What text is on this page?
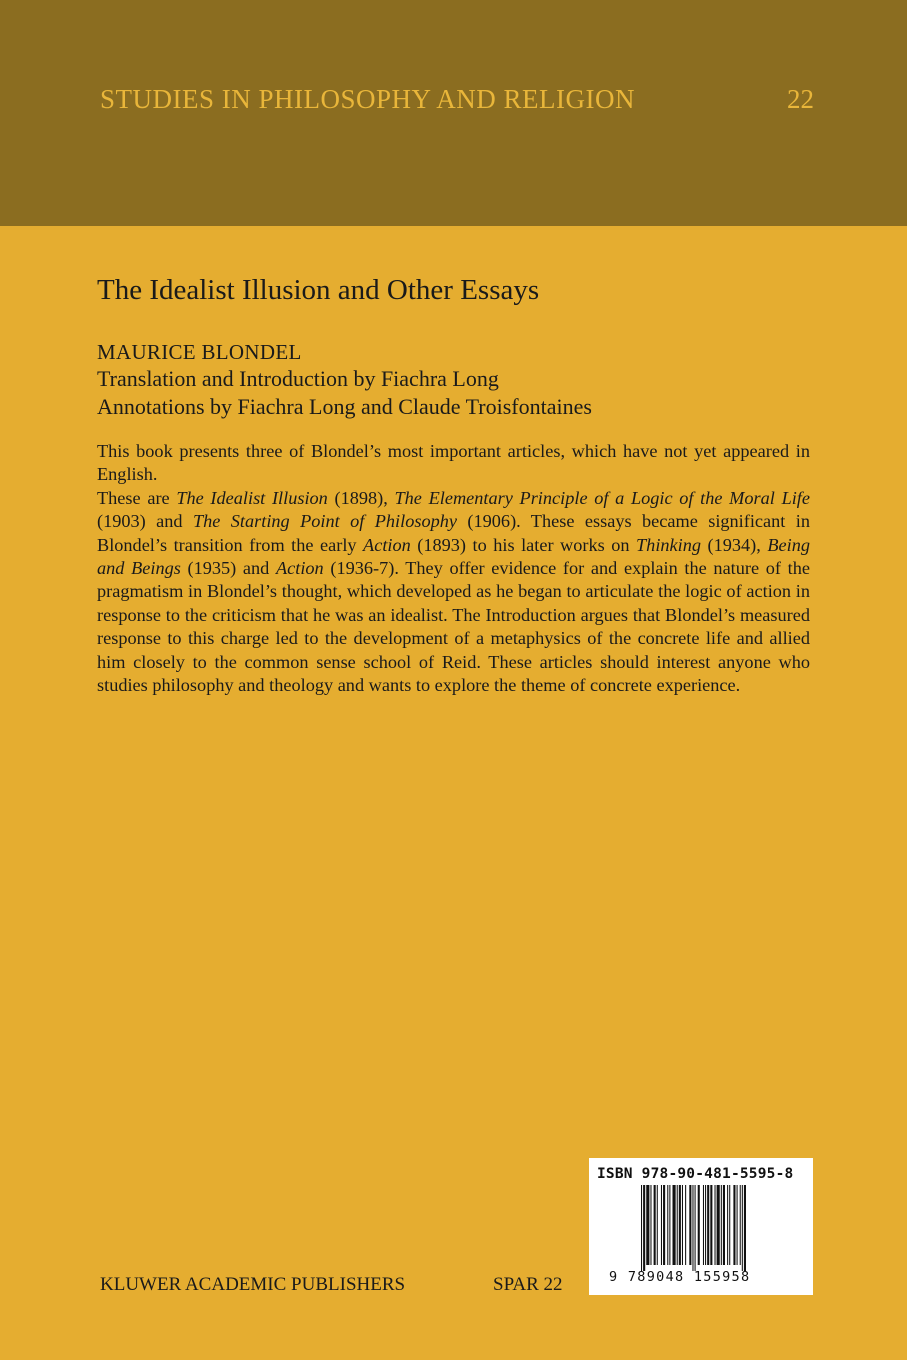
STUDIES IN PHILOSOPHY AND RELIGION	22
The Idealist Illusion and Other Essays
MAURICE BLONDEL
Translation and Introduction by Fiachra Long
Annotations by Fiachra Long and Claude Troisfontaines

This book presents three of Blondel’s most important articles, which have not yet appeared in English.

These are The Idealist Illusion (1898), The Elementary Principle of a Logic of the Moral Life (1903) and The Starting Point of Philosophy (1906). These essays became significant in Blondel’s transition from the early Action (1893) to his later works on Thinking (1934), Being and Beings (1935) and Action (1936-7). They offer evidence for and explain the nature of the pragmatism in Blondel’s thought, which developed as he began to articulate the logic of action in response to the criticism that he was an idealist. The Introduction argues that Blondel’s measured response to this charge led to the development of a metaphysics of the concrete life and allied him closely to the common sense school of Reid. These articles should interest anyone who studies philosophy and theology and wants to explore the theme of concrete experience.

KLUWER ACADEMIC PUBLISHERS	SPAR 22
ISBN 978-90-481-5595-8
9 789048 155958
